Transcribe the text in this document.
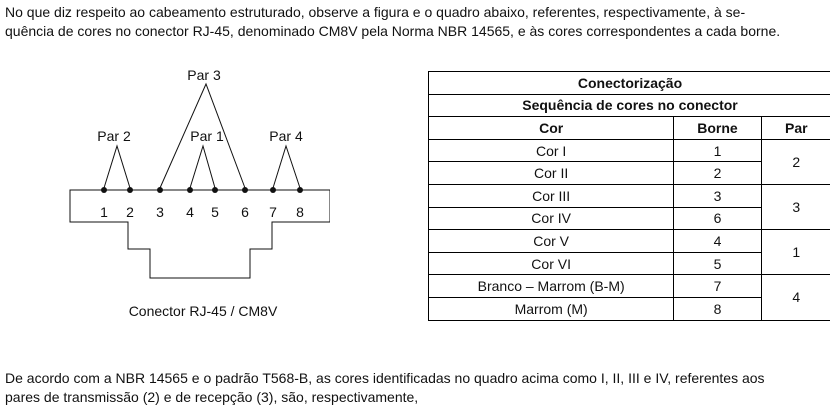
No que diz respeito ao cabeamento estruturado, observe a figura e o quadro abaixo, referentes, respectivamente, à se-
quência de cores no conector RJ-45, denominado CM8V pela Norma NBR 14565, e às cores correspondentes a cada borne.

Par 3
Par 2	Par 1	Par 4
1 2 3 4 5 6 7 8
Conector RJ-45 / CM8V
Conectorização		
Sequência de cores no conector		
Cor	Borne	Par
Cor I	1	2
Cor II	2	
Cor III	3	3
Cor IV	6	
Cor V	4	1
Cor VI	5	
Branco – Marrom (B-M)	7	4
Marrom (M)	8	

De acordo com a NBR 14565 e o padrão T568-B, as cores identificadas no quadro acima como I, II, III e IV, referentes aos
pares de transmissão (2) e de recepção (3), são, respectivamente,
